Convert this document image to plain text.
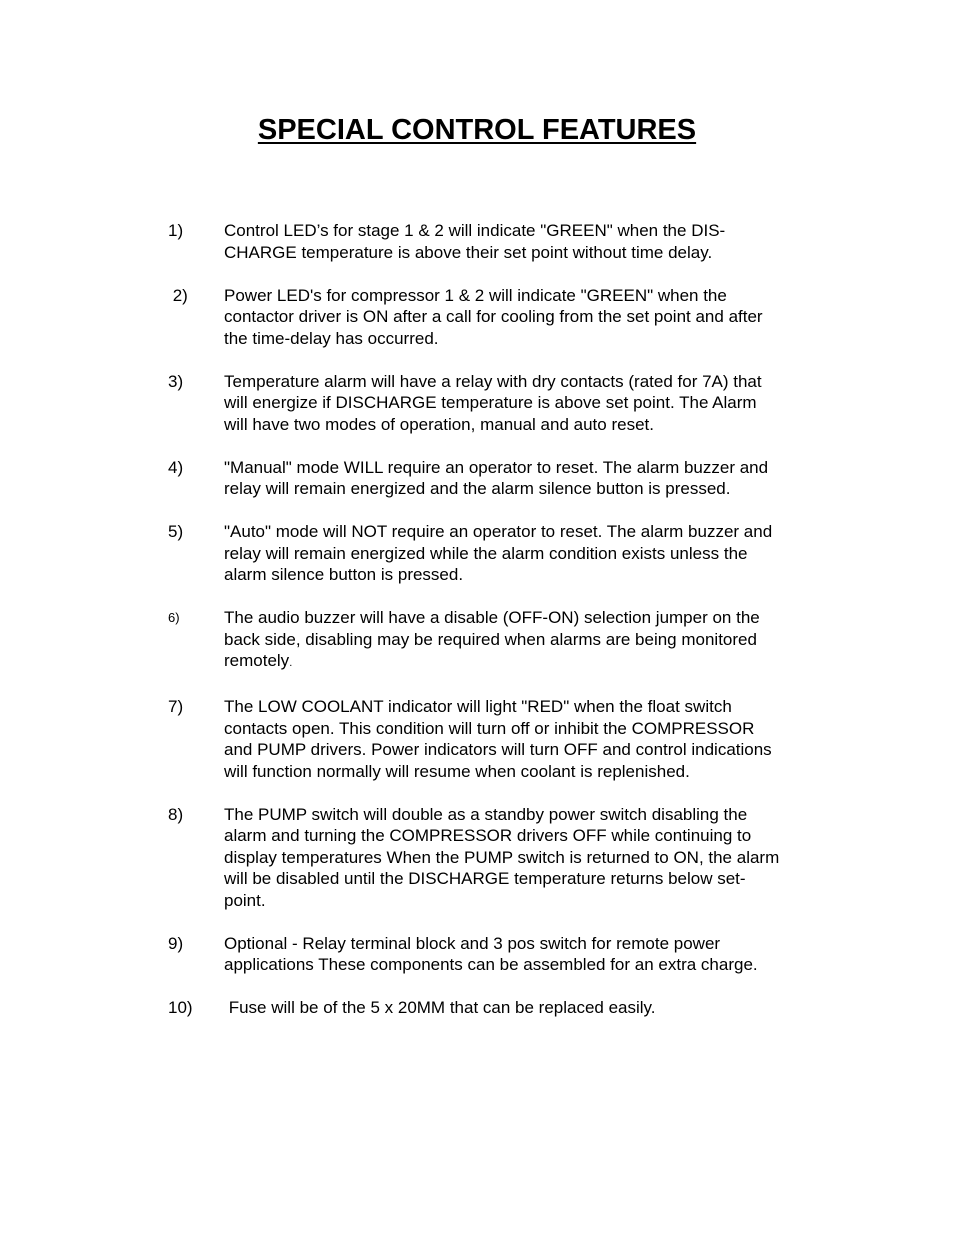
SPECIAL CONTROL FEATURES
1)	Control LED’s for stage 1 & 2 will indicate "GREEN" when the DIS-
CHARGE temperature is above their set point without time delay.
2)	Power LED's for compressor 1 & 2 will indicate "GREEN" when the
contactor driver is ON after a call for cooling from the set point and after
the time-delay has occurred.
3)	Temperature alarm will have a relay with dry contacts (rated for 7A) that
will energize if DISCHARGE temperature is above set point. The Alarm
will have two modes of operation, manual and auto reset.
4)	"Manual" mode WILL require an operator to reset. The alarm buzzer and
relay will remain energized and the alarm silence button is pressed.
5)	"Auto" mode will NOT require an operator to reset. The alarm buzzer and
relay will remain energized while the alarm condition exists unless the
alarm silence button is pressed.
6)	The audio buzzer will have a disable (OFF-ON) selection jumper on the
back side, disabling may be required when alarms are being monitored
remotely.
7)	The LOW COOLANT indicator will light "RED" when the float switch
contacts open. This condition will turn off or inhibit the COMPRESSOR
and PUMP drivers. Power indicators will turn OFF and control indications
will function normally will resume when coolant is replenished.
8)	The PUMP switch will double as a standby power switch disabling the
alarm and turning the COMPRESSOR drivers OFF while continuing to
display temperatures When the PUMP switch is returned to ON, the alarm
will be disabled until the DISCHARGE temperature returns below set-
point.
9)	Optional - Relay terminal block and 3 pos switch for remote power
applications These components can be assembled for an extra charge.
10)	Fuse will be of the 5 x 20MM that can be replaced easily.
